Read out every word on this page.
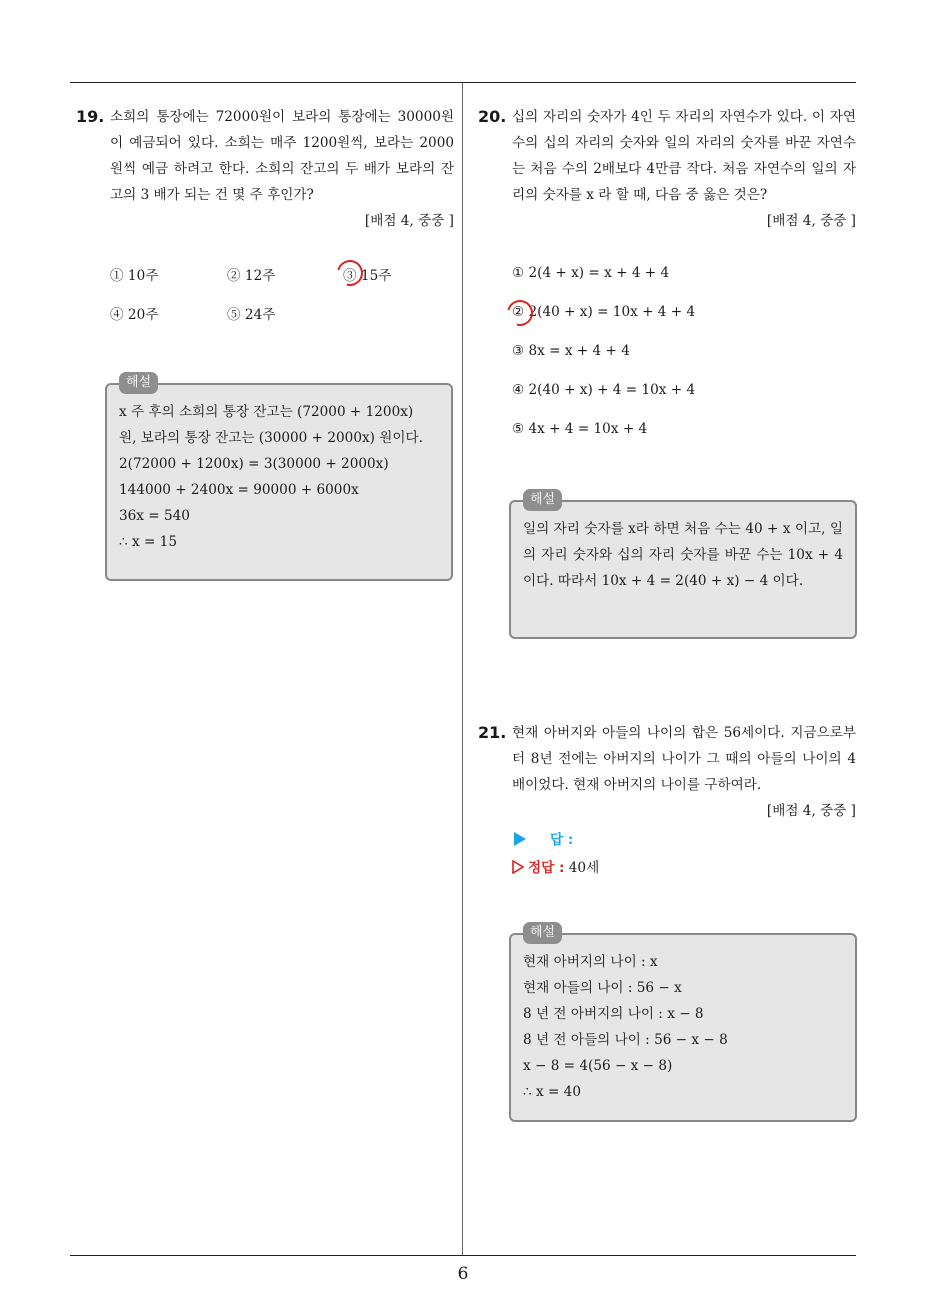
19. 소희의 통장에는 72000원이 보라의 통장에는 30000원이 예금되어 있다. 소희는 매주 1200원씩, 보라는 2000원씩 예금 하려고 한다. 소희의 잔고의 두 배가 보라의 잔고의 3 배가 되는 건 몇 주 후인가?
[배점 4, 중중 ]
① 10주	② 12주	③ 15주
④ 20주	⑤ 24주
해설
x 주 후의 소희의 통장 잔고는 (72000 + 1200x)
원, 보라의 통장 잔고는 (30000 + 2000x) 원이다.
2(72000 + 1200x) = 3(30000 + 2000x)
144000 + 2400x = 90000 + 6000x
36x = 540
∴ x = 15
20. 십의 자리의 숫자가 4인 두 자리의 자연수가 있다. 이 자연수의 십의 자리의 숫자와 일의 자리의 숫자를 바꾼 자연수는 처음 수의 2배보다 4만큼 작다. 처음 자연수의 일의 자리의 숫자를 x 라 할 때, 다음 중 옳은 것은?
[배점 4, 중중 ]
① 2(4 + x) = x + 4 + 4
② 2(40 + x) = 10x + 4 + 4
③ 8x = x + 4 + 4
④ 2(40 + x) + 4 = 10x + 4
⑤ 4x + 4 = 10x + 4
해설
일의 자리 숫자를 x라 하면 처음 수는 40 + x 이고, 일의 자리 숫자와 십의 자리 숫자를 바꾼 수는 10x + 4 이다. 따라서 10x + 4 = 2(40 + x) − 4 이다.
21. 현재 아버지와 아들의 나이의 합은 56세이다. 지금으로부터 8년 전에는 아버지의 나이가 그 때의 아들의 나이의 4배이었다. 현재 아버지의 나이를 구하여라.
[배점 4, 중중 ]
답 :
정답 : 40세
해설
현재 아버지의 나이 : x
현재 아들의 나이 : 56 − x
8 년 전 아버지의 나이 : x − 8
8 년 전 아들의 나이 : 56 − x − 8
x − 8 = 4(56 − x − 8)
∴ x = 40
6
